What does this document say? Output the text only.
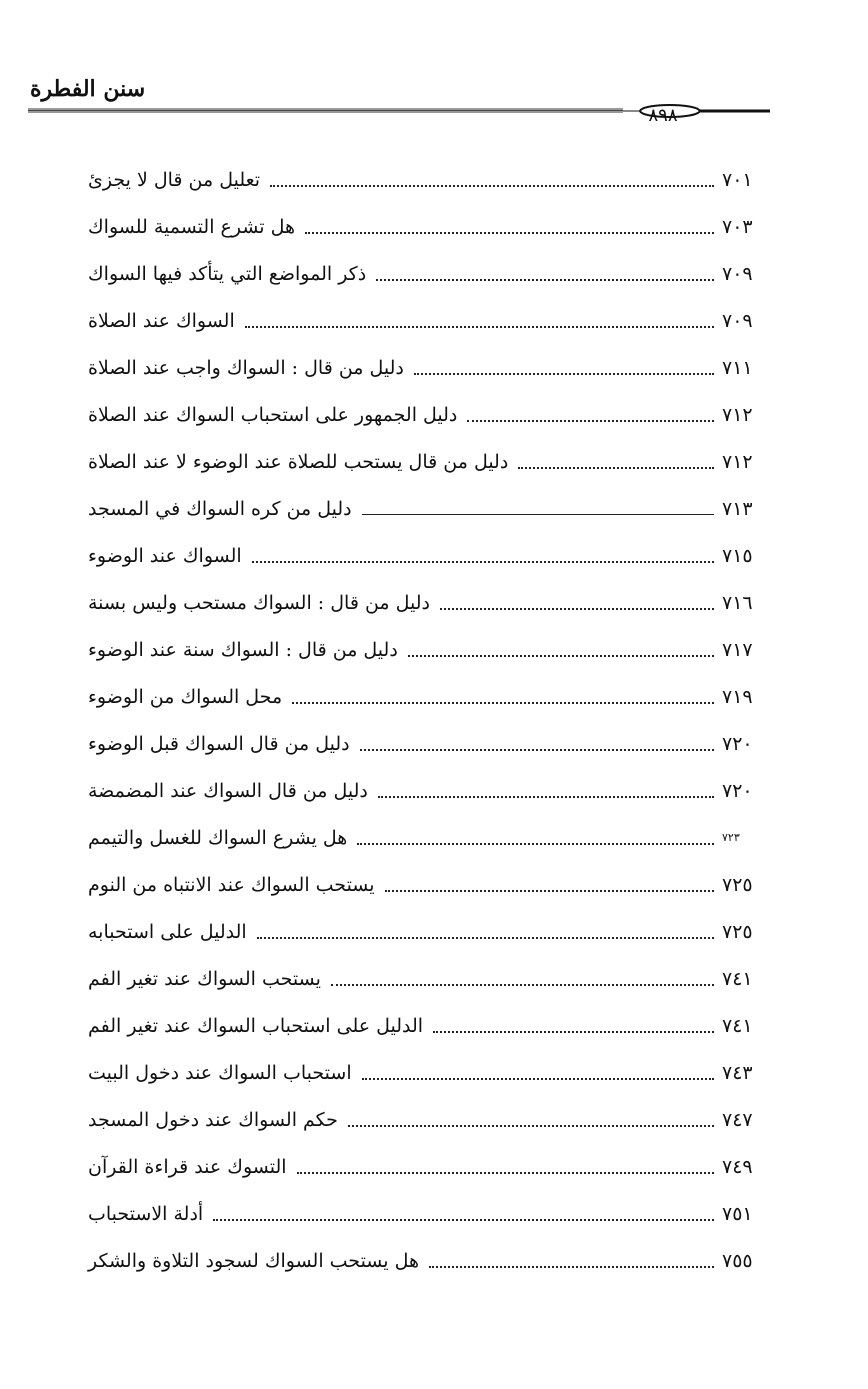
سنن الفطرة
٨٩٨
تعليل من قال لا يجزئ	٧٠١
هل تشرع التسمية للسواك	٧٠٣
ذكر المواضع التي يتأكد فيها السواك	٧٠٩
السواك عند الصلاة	٧٠٩
دليل من قال : السواك واجب عند الصلاة	٧١١
دليل الجمهور على استحباب السواك عند الصلاة	٧١٢
دليل من قال يستحب للصلاة عند الوضوء لا عند الصلاة	٧١٢
دليل من كره السواك في المسجد	٧١٣
السواك عند الوضوء	٧١٥
دليل من قال : السواك مستحب وليس بسنة	٧١٦
دليل من قال : السواك سنة عند الوضوء	٧١٧
محل السواك من الوضوء	٧١٩
دليل من قال السواك قبل الوضوء	٧٢٠
دليل من قال السواك عند المضمضة	٧٢٠
هل يشرع السواك للغسل والتيمم	٧٢٣
يستحب السواك عند الانتباه من النوم	٧٢٥
الدليل على استحبابه	٧٢٥
يستحب السواك عند تغير الفم	٧٤١
الدليل على استحباب السواك عند تغير الفم	٧٤١
استحباب السواك عند دخول البيت	٧٤٣
حكم السواك عند دخول المسجد	٧٤٧
التسوك عند قراءة القرآن	٧٤٩
أدلة الاستحباب	٧٥١
هل يستحب السواك لسجود التلاوة والشكر	٧٥٥
